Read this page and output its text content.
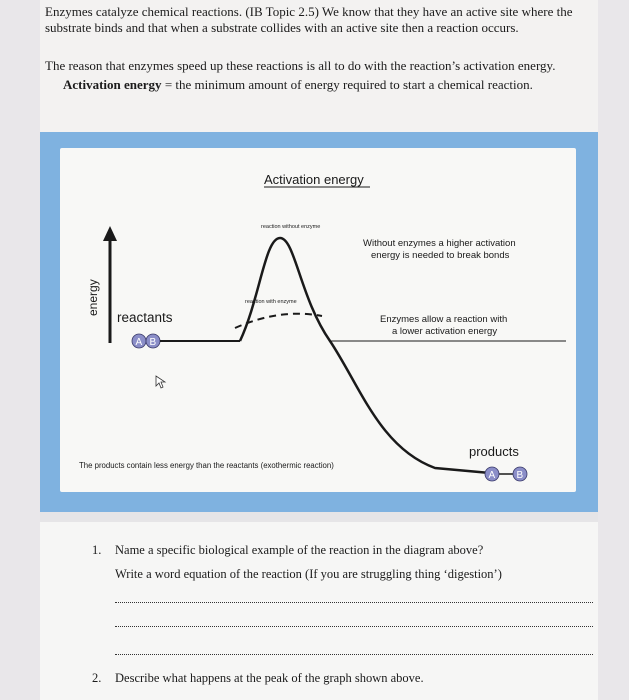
Enzymes catalyze chemical reactions. (IB Topic 2.5) We know that they have an active site where the substrate binds and that when a substrate collides with an active site then a reaction occurs.

The reason that enzymes speed up these reactions is all to do with the reaction’s activation energy.

Activation energy = the minimum amount of energy required to start a chemical reaction.

Activation energy
energy
reactants
A B
reaction without enzyme
reaction with enzyme
Without enzymes a higher activation
energy is needed to break bonds
Enzymes allow a reaction with
a lower activation energy
products
A B
The products contain less energy than the reactants (exothermic reaction)
1. Name a specific biological example of the reaction in the diagram above?
Write a word equation of the reaction (If you are struggling thing ‘digestion’)
2. Describe what happens at the peak of the graph shown above.
